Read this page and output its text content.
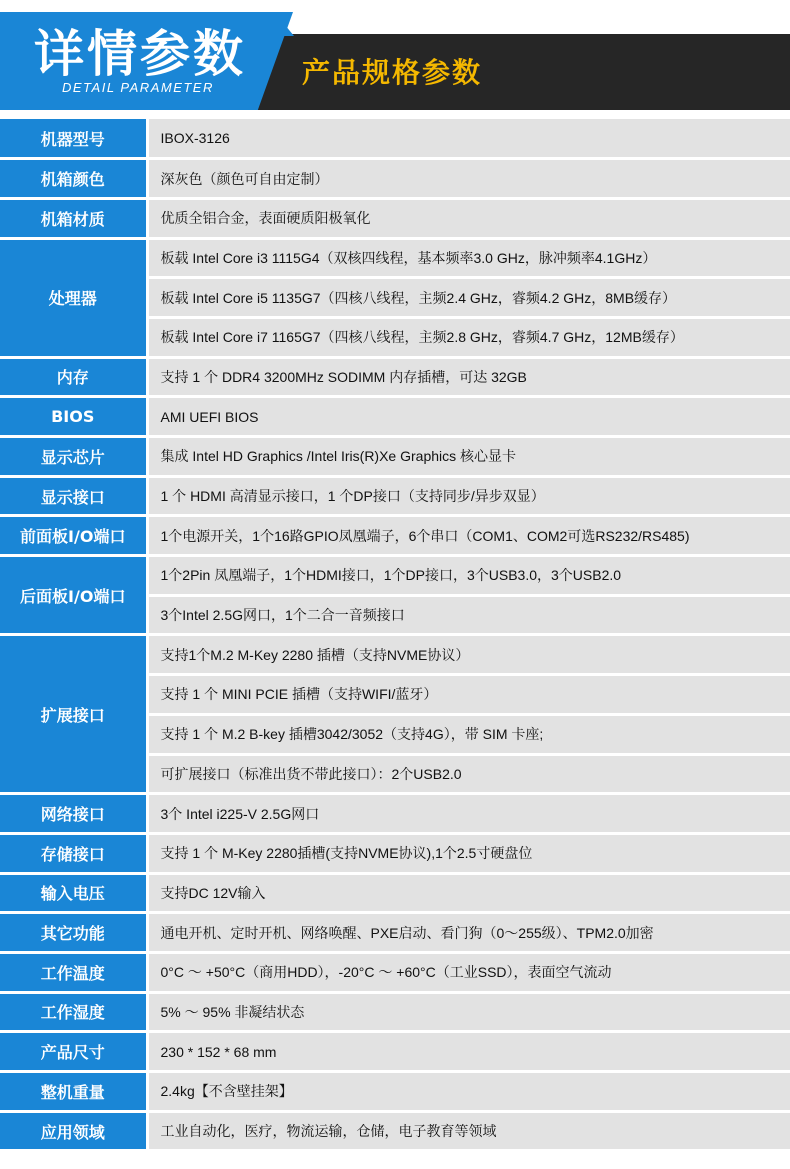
详情参数
DETAIL PARAMETER	产品规格参数
机器型号	IBOX-3126
机箱颜色	深灰色（颜色可自由定制）
机箱材质	优质全铝合金，表面硬质阳极氧化
处理器	板载 Intel Core i3 1115G4（双核四线程，基本频率3.0 GHz，脉冲频率4.1GHz）
	板载 Intel Core i5 1135G7（四核八线程，主频2.4 GHz，睿频4.2 GHz，8MB缓存）
	板载 Intel Core i7 1165G7（四核八线程，主频2.8 GHz，睿频4.7 GHz，12MB缓存）
内存	支持 1 个 DDR4 3200MHz SODIMM 内存插槽，可达 32GB
BIOS	AMI UEFI BIOS
显示芯片	集成 Intel HD Graphics /Intel Iris(R)Xe Graphics 核心显卡
显示接口	1 个 HDMI 高清显示接口，1 个DP接口（支持同步/异步双显）
前面板I/O端口	1个电源开关，1个16路GPIO凤凰端子，6个串口（COM1、COM2可选RS232/RS485)
后面板I/O端口	1个2Pin 凤凰端子，1个HDMI接口，1个DP接口，3个USB3.0，3个USB2.0
	3个Intel 2.5G网口，1个二合一音频接口
扩展接口	支持1个M.2 M-Key 2280 插槽（支持NVME协议）
	支持 1 个 MINI PCIE 插槽（支持WIFI/蓝牙）
	支持 1 个 M.2 B-key 插槽3042/3052（支持4G），带 SIM 卡座;
	可扩展接口（标准出货不带此接口）：2个USB2.0
网络接口	3个 Intel i225-V 2.5G网口
存储接口	支持 1 个 M-Key 2280插槽(支持NVME协议),1个2.5寸硬盘位
输入电压	支持DC 12V输入
其它功能	通电开机、定时开机、网络唤醒、PXE启动、看门狗（0～255级）、TPM2.0加密
工作温度	0°C ～ +50°C（商用HDD），-20°C ～ +60°C（工业SSD），表面空气流动
工作湿度	5% ～ 95% 非凝结状态
产品尺寸	230 * 152 * 68 mm
整机重量	2.4kg【不含壁挂架】
应用领域	工业自动化，医疗，物流运输，仓储，电子教育等领域
